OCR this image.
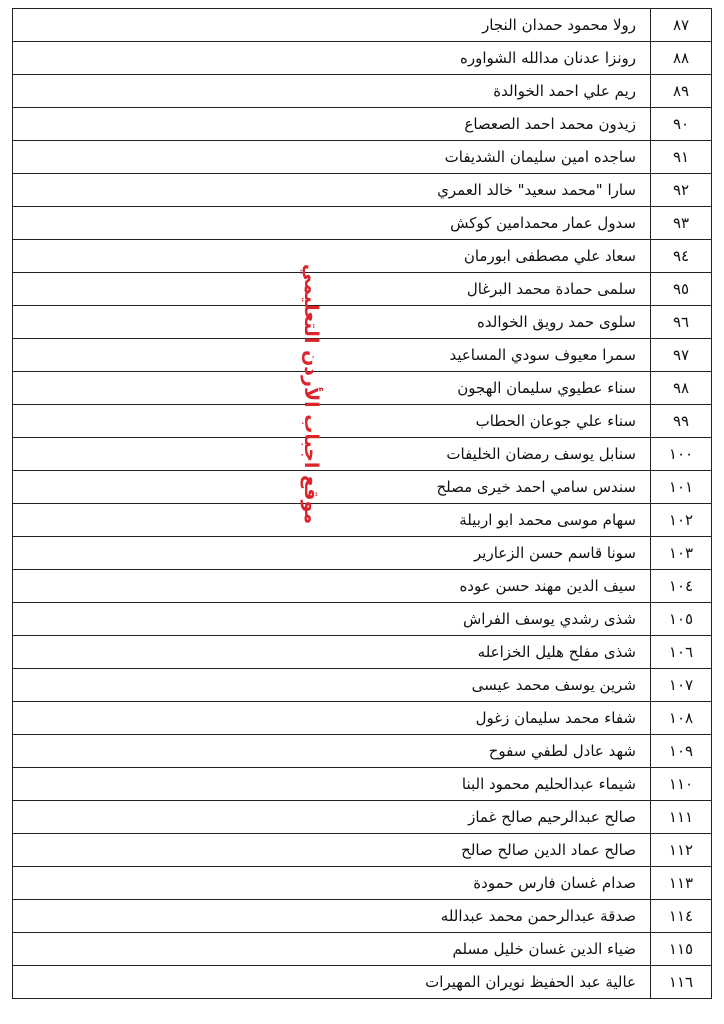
٨٧	رولا محمود حمدان النجار
٨٨	رونزا عدنان مدالله الشواوره
٨٩	ريم علي احمد الخوالدة
٩٠	زيدون محمد احمد الصعصاع
٩١	ساجده امين سليمان الشديفات
٩٢	سارا "محمد سعيد" خالد العمري
٩٣	سدول عمار محمدامين كوكش
٩٤	سعاد علي مصطفى ابورمان
٩٥	سلمى حمادة محمد البرغال
٩٦	سلوى حمد رويق الخوالده
٩٧	سمرا معيوف سودي المساعيد
٩٨	سناء عطيوي سليمان الهجون
٩٩	سناء علي جوعان الحطاب
١٠٠	سنابل يوسف رمضان الخليفات
١٠١	سندس سامي احمد خيرى مصلح
١٠٢	سهام موسى محمد ابو اربيلة
١٠٣	سونا قاسم حسن الزعارير
١٠٤	سيف الدين مهند حسن عوده
١٠٥	شذى رشدي يوسف الفراش
١٠٦	شذى مفلح هليل الخزاعله
١٠٧	شرين يوسف محمد عيسى
١٠٨	شفاء محمد سليمان زغول
١٠٩	شهد عادل لطفي سفوح
١١٠	شيماء عبدالحليم محمود البنا
١١١	صالح عبدالرحيم صالح غماز
١١٢	صالح عماد الدين صالح صالح
١١٣	صدام غسان فارس حمودة
١١٤	صدقة عبدالرحمن محمد عبدالله
١١٥	ضياء الدين غسان خليل مسلم
١١٦	عالية عبد الحفيظ نويران المهيرات
موقع اجباب الأردن التعليمي
